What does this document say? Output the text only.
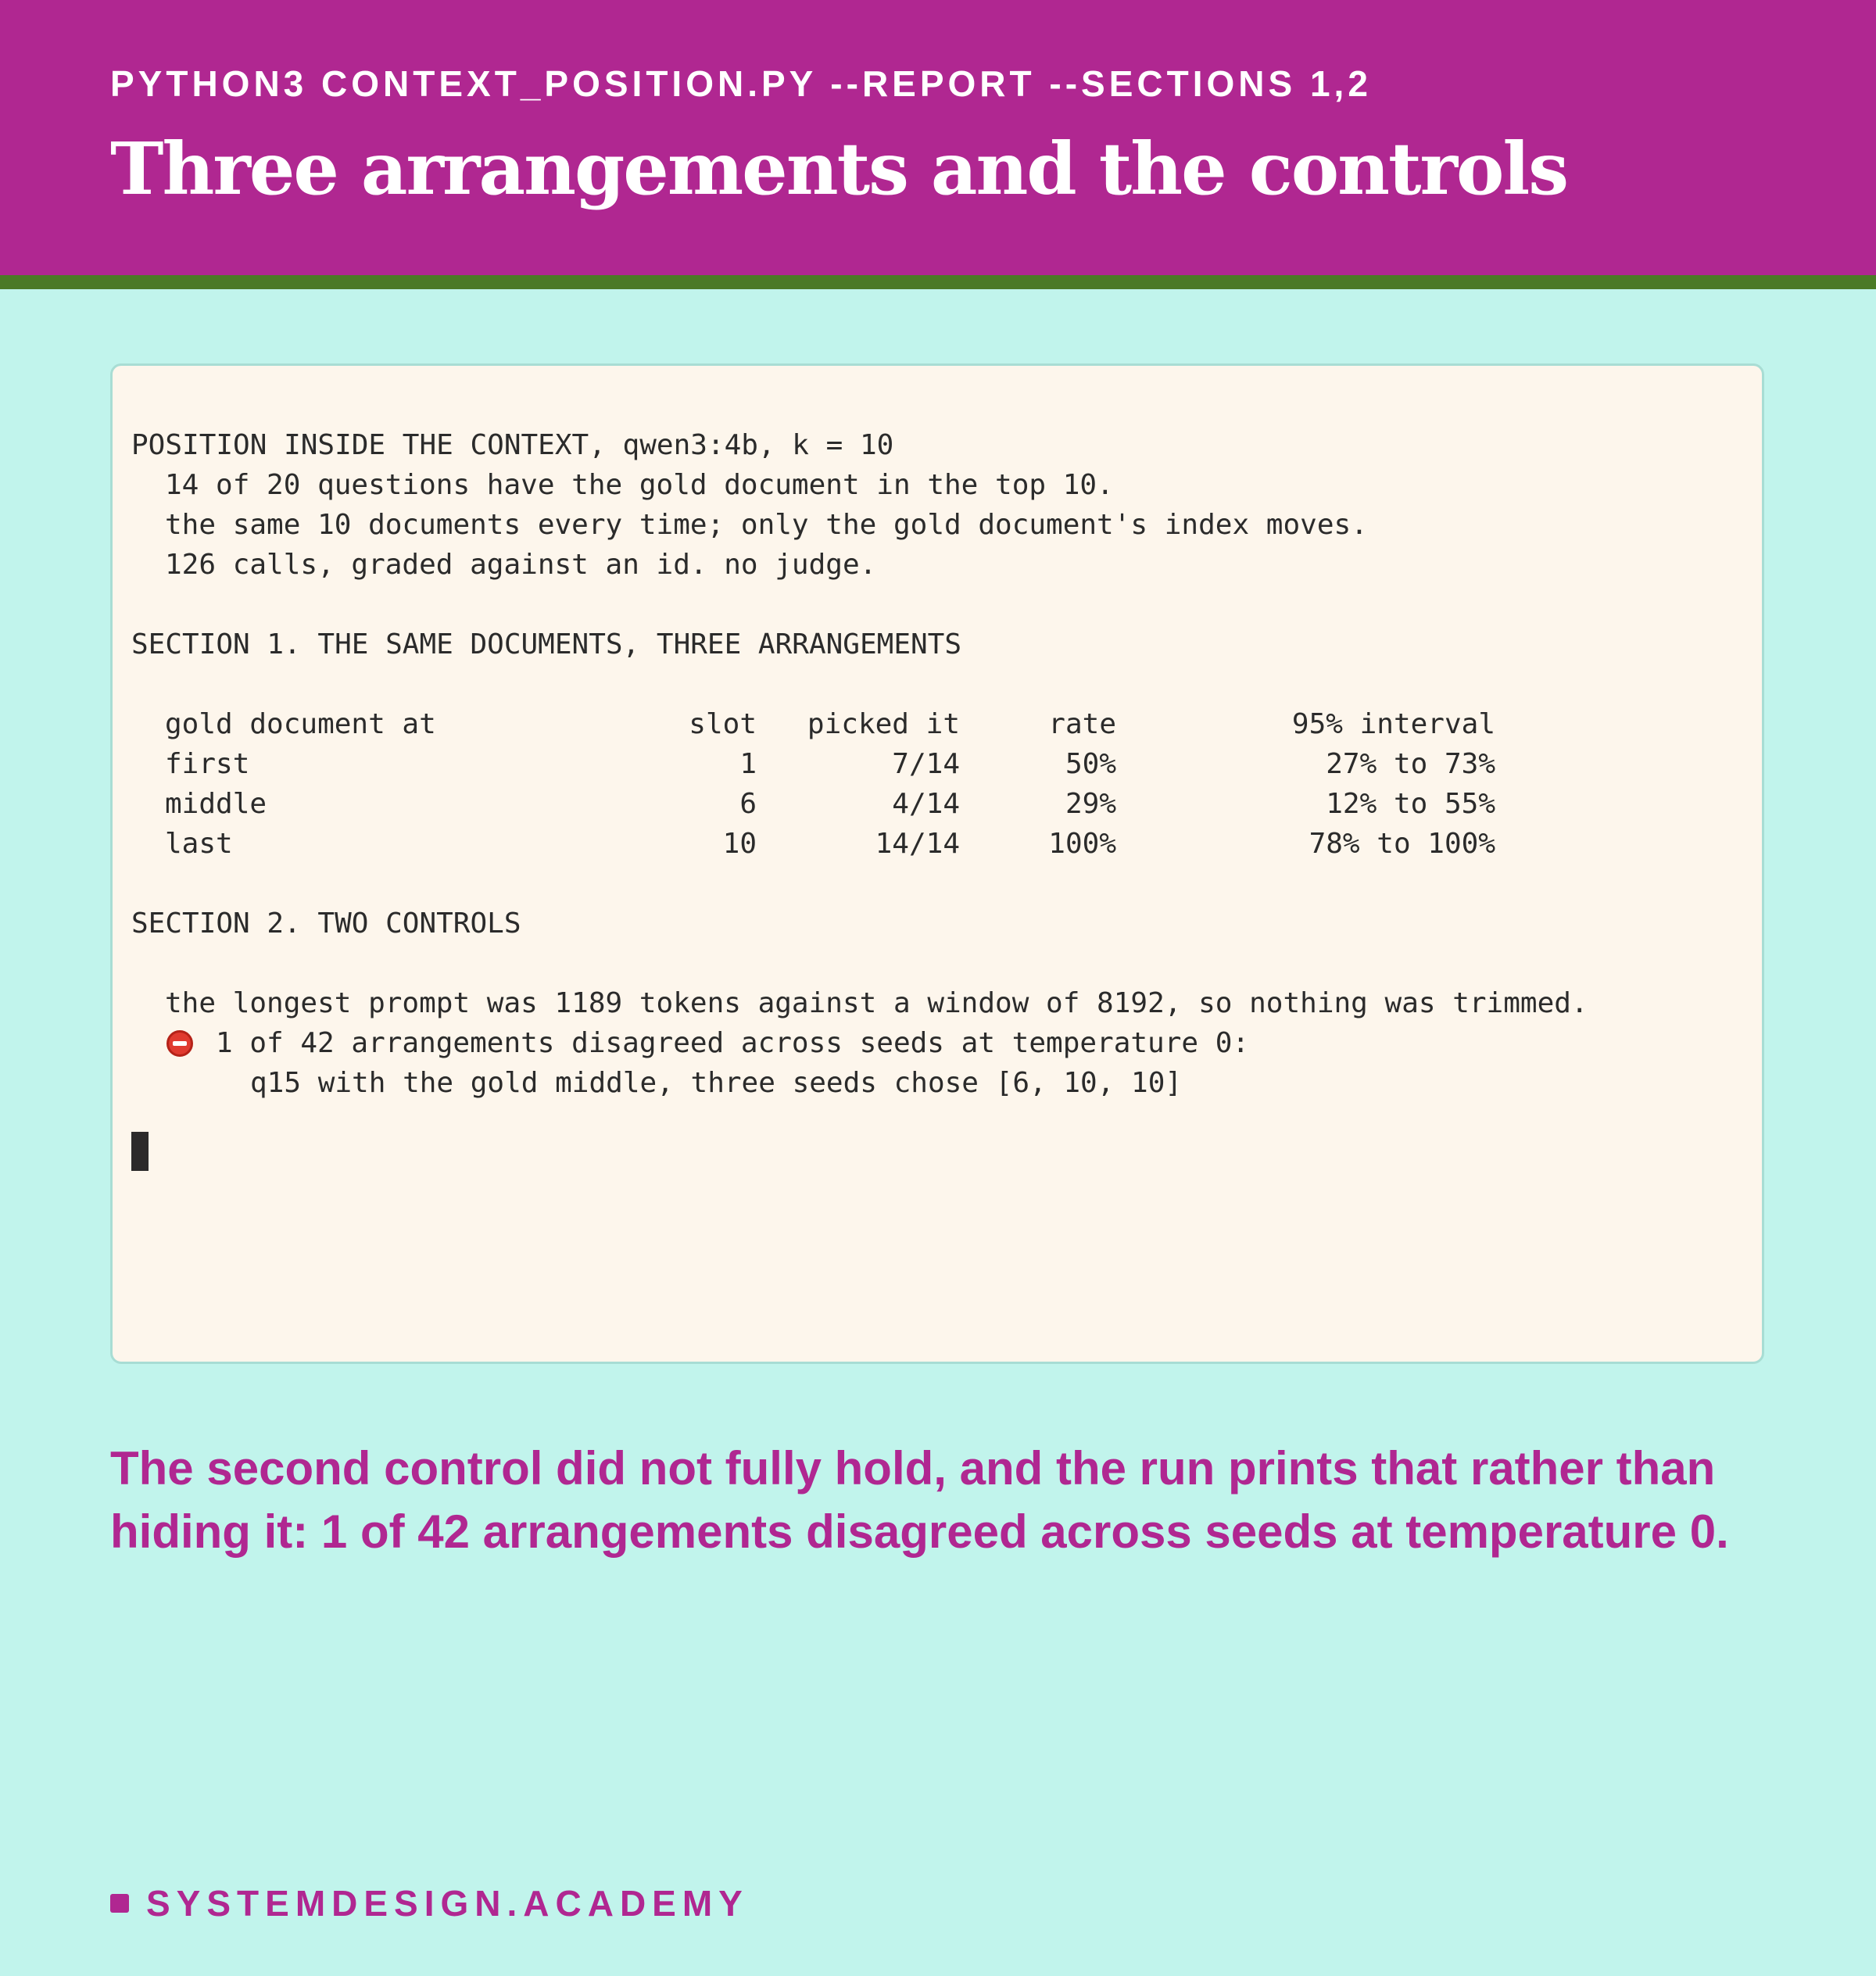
PYTHON3 CONTEXT_POSITION.PY --REPORT --SECTIONS 1,2
Three arrangements and the controls
POSITION INSIDE THE CONTEXT, qwen3:4b, k = 10
14 of 20 questions have the gold document in the top 10.
the same 10 documents every time; only the gold document's index moves.
126 calls, graded against an id. no judge.
SECTION 1. THE SAME DOCUMENTS, THREE ARRANGEMENTS
gold document at	slot	picked it	rate	95% interval
first	1	7/14	50%	27% to 73%
middle	6	4/14	29%	12% to 55%
last	10	14/14	100%	78% to 100%
SECTION 2. TWO CONTROLS
the longest prompt was 1189 tokens against a window of 8192, so nothing was trimmed.
1 of 42 arrangements disagreed across seeds at temperature 0:
q15 with the gold middle, three seeds chose [6, 10, 10]
The second control did not fully hold, and the run prints that rather than hiding it: 1 of 42 arrangements disagreed across seeds at temperature 0.
SYSTEMDESIGN.ACADEMY
